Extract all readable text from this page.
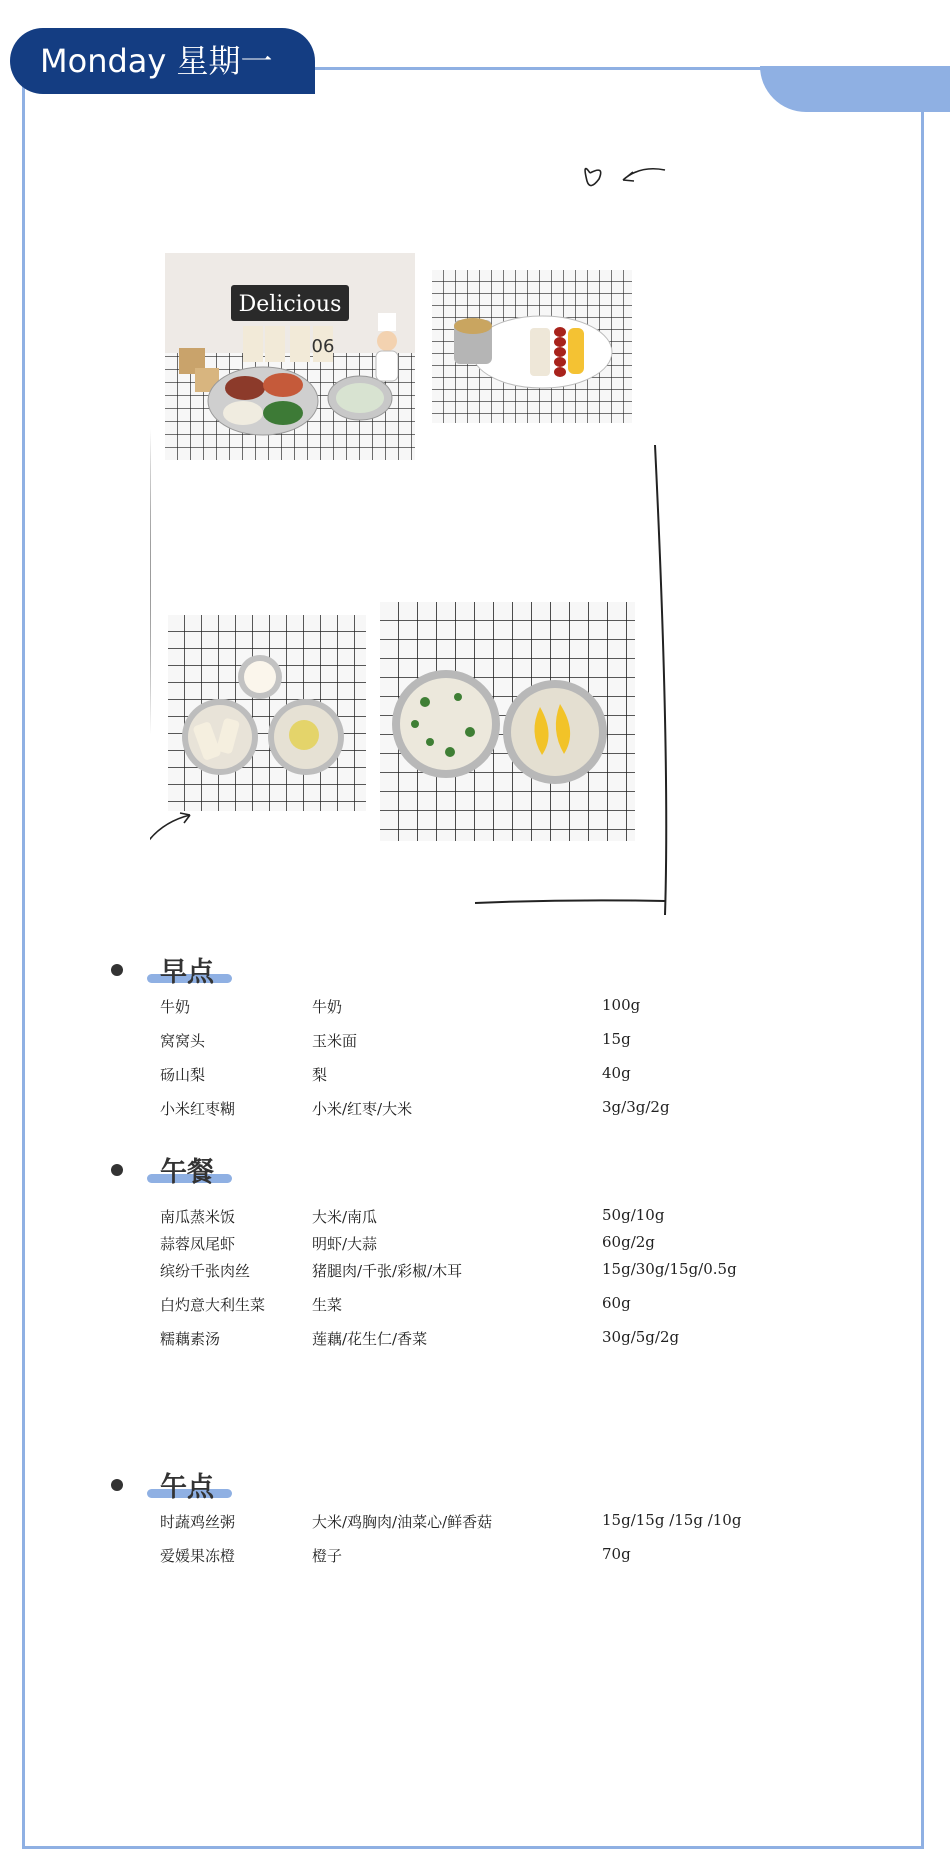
Monday 星期一
Delicious
06
早点
牛奶	牛奶	100g
窝窝头	玉米面	15g
砀山梨	梨	40g
小米红枣糊	小米/红枣/大米	3g/3g/2g
午餐
南瓜蒸米饭	大米/南瓜	50g/10g
蒜蓉凤尾虾	明虾/大蒜	60g/2g
缤纷千张肉丝	猪腿肉/千张/彩椒/木耳	15g/30g/15g/0.5g
白灼意大利生菜	生菜	60g
糯藕素汤	莲藕/花生仁/香菜	30g/5g/2g
午点
时蔬鸡丝粥	大米/鸡胸肉/油菜心/鲜香菇	15g/15g /15g /10g
爱媛果冻橙	橙子	70g
